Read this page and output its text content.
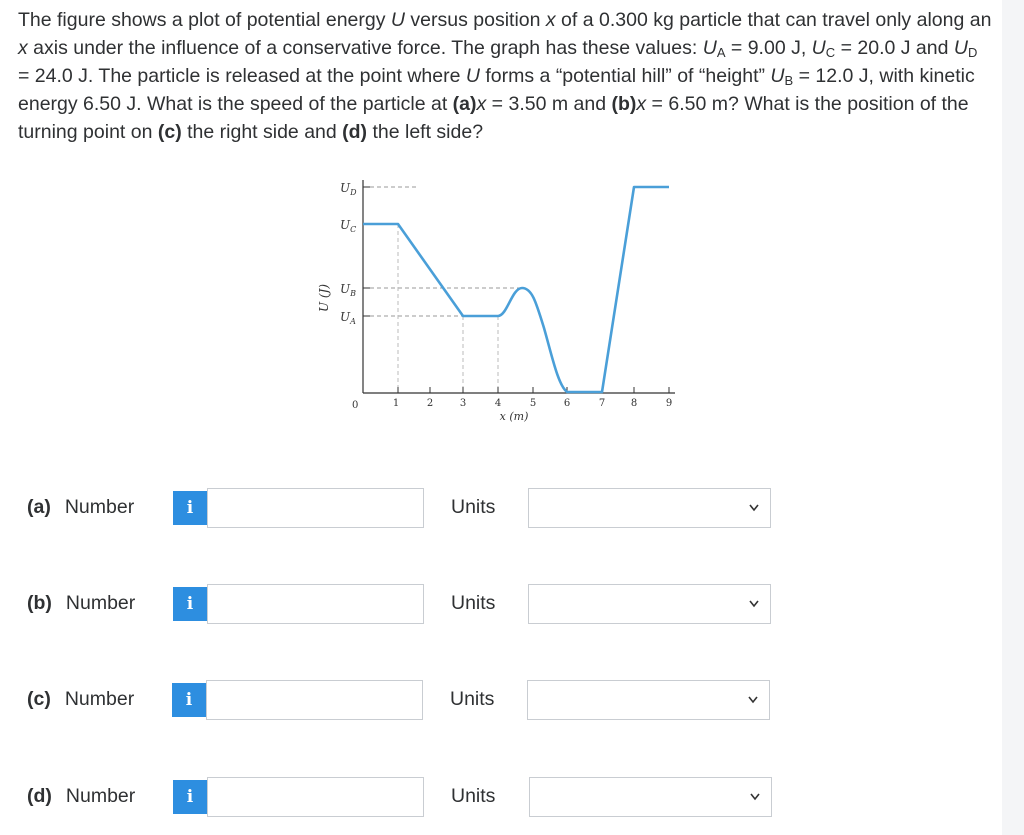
The figure shows a plot of potential energy U versus position x of a 0.300 kg particle that can travel only along an x axis under the influence of a conservative force. The graph has these values: $U_A = 9.00$ J, $U_C = 20.0$ J and $U_D = 24.0$ J. The particle is released at the point where U forms a “potential hill” of “height” $U_B = 12.0$ J, with kinetic energy 6.50 J. What is the speed of the particle at (a)x = 3.50 m and (b)x = 6.50 m? What is the position of the turning point on (c) the right side and (d) the left side?

$U_D$
$U_C$
$U_B$
$U_A$
U (J)
0	1	2	3	4	5	6	7	8	9
x (m)
(a) Number	i	Units
(b) Number	i	Units
(c) Number	i	Units
(d) Number	i	Units
